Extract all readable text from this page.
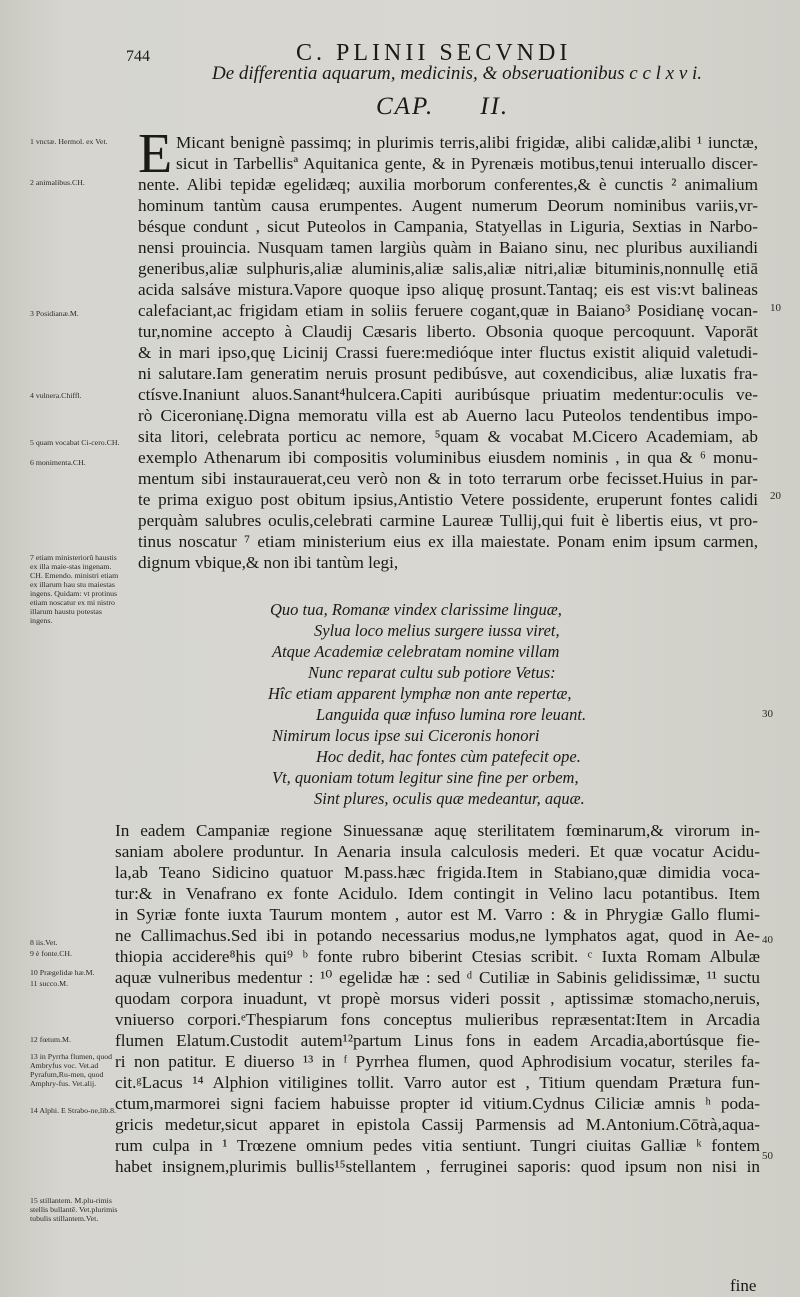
744	C. PLINII SECVNDI
De differentia aquarum, medicinis, & obseruationibus c c l x v i.
CAP. II.
1 vnctæ. Hermol. ex Vet.
2 animalibus.CH.
3 Posidianæ.M.
4 vulnera.Chiffl.
5 quam vocabat Ci-cero.CH.
6 monimenta.CH.
7 etiam ministeriorũ haustis ex illa maie-stas ingenam. CH. Emendo. ministri etiam ex illarum hau stu maiestas ingens. Quidam: vt protinus etiam noscatur ex mi nistro illarum haustu potestas ingens.
8 iis.Vet.
9 è fonte.CH.
10 Prægelidæ hæ.M.
11 succo.M.
12 fœtum.M.
13 in Pyrrha flumen, quod Ambryfus voc. Vet.ad Pyrafum,Ru-men, quod Amphry-fus. Vet.alij.
14 Alphi. E Strabo-ne,lib.8.
15 stillantem. M.plu-rimis stellis bullantē. Vet.plurimis tubulis stillantem.Vet.
E Micant benignè passimq; in plurimis terris,alibi frigidæ, alibi calidæ,alibi ¹ iunctæ,
sicut in Tarbellisª Aquitanica gente, & in Pyrenæis motibus,tenui interuallo discer-
nente. Alibi tepidæ egelidæq; auxilia morborum conferentes,& è cunctis ² animalium
hominum tantùm causa erumpentes. Augent numerum Deorum nominibus variis,vr-
bésque condunt , sicut Puteolos in Campania, Statyellas in Liguria, Sextias in Narbo-
nensi prouincia. Nusquam tamen largiùs quàm in Baiano sinu, nec pluribus auxiliandi
generibus,aliæ sulphuris,aliæ aluminis,aliæ salis,aliæ nitri,aliæ bituminis,nonnullę etiā
acida salsáve mistura.Vapore quoque ipso aliquę prosunt.Tantaq; eis est vis:vt balineas
calefaciant,ac frigidam etiam in soliis feruere cogant,quæ in Baiano³ Posidianę vocan-
tur,nomine accepto à Claudij Cæsaris liberto. Obsonia quoque percoquunt. Vaporāt
& in mari ipso,quę Licinij Crassi fuere:medióque inter fluctus existit aliquid valetudi-
ni salutare.Iam generatim neruis prosunt pedibúsve, aut coxendicibus, aliæ luxatis fra-
ctísve.Inaniunt aluos.Sanant⁴hulcera.Capiti auribúsque priuatim medentur:oculis ve-
rò Ciceronianę.Digna memoratu villa est ab Auerno lacu Puteolos tendentibus impo-
sita litori, celebrata porticu ac nemore, ⁵quam & vocabat M.Cicero Academiam, ab
exemplo Athenarum ibi compositis voluminibus eiusdem nominis , in qua & ⁶ monu-
mentum sibi instaurauerat,ceu verò non & in toto terrarum orbe fecisset.Huius in par-
te prima exiguo post obitum ipsius,Antistio Vetere possidente, eruperunt fontes calidi
perquàm salubres oculis,celebrati carmine Laureæ Tullij,qui fuit è libertis eius, vt pro-
tinus noscatur ⁷ etiam ministerium eius ex illa maiestate. Ponam enim ipsum carmen,
dignum vbique,& non ibi tantùm legi,
Quo tua, Romanæ vindex clarissime linguæ,
Sylua loco melius surgere iussa viret,
Atque Academiæ celebratam nomine villam
Nunc reparat cultu sub potiore Vetus:
Hîc etiam apparent lymphæ non ante repertæ,
Languida quæ infuso lumina rore leuant.
Nimirum locus ipse sui Ciceronis honori
Hoc dedit, hac fontes cùm patefecit ope.
Vt, quoniam totum legitur sine fine per orbem,
Sint plures, oculis quæ medeantur, aquæ.
In eadem Campaniæ regione Sinuessanæ aquę sterilitatem fœminarum,& virorum in-
saniam abolere produntur. In Aenaria insula calculosis mederi. Et quæ vocatur Acidu-
la,ab Teano Sidicino quatuor M.pass.hæc frigida.Item in Stabiano,quæ dimidia voca-
tur:& in Venafrano ex fonte Acidulo. Idem contingit in Velino lacu potantibus. Item
in Syriæ fonte iuxta Taurum montem , autor est M. Varro : & in Phrygiæ Gallo flumi-
ne Callimachus.Sed ibi in potando necessarius modus,ne lymphatos agat, quod in Ae-
thiopia accidere⁸his qui⁹ ᵇ fonte rubro biberint Ctesias scribit. ᶜ Iuxta Romam Albulæ
aquæ vulneribus medentur : ¹⁰ egelidæ hæ : sed ᵈ Cutiliæ in Sabinis gelidissimæ, ¹¹ suctu
quodam corpora inuadunt, vt propè morsus videri possit , aptissimæ stomacho,neruis,
vniuerso corpori.ᵉThespiarum fons conceptus mulieribus repræsentat:Item in Arcadia
flumen Elatum.Custodit autem¹²partum Linus fons in eadem Arcadia,abortúsque fie-
ri non patitur. E diuerso ¹³ in ᶠ Pyrrhea flumen, quod Aphrodisium vocatur, steriles fa-
cit.ᵍLacus ¹⁴ Alphion vitiligines tollit. Varro autor est , Titium quendam Prætura fun-
ctum,marmorei signi faciem habuisse propter id vitium.Cydnus Ciliciæ amnis ʰ poda-
gricis medetur,sicut apparet in epistola Cassij Parmensis ad M.Antonium.Cōtrà,aqua-
rum culpa in ¹ Trœzene omnium pedes vitia sentiunt. Tungri ciuitas Galliæ ᵏ fontem
habet insignem,plurimis bullis¹⁵stellantem , ferruginei saporis: quod ipsum non nisi in
10
20
30
40
50
fine
